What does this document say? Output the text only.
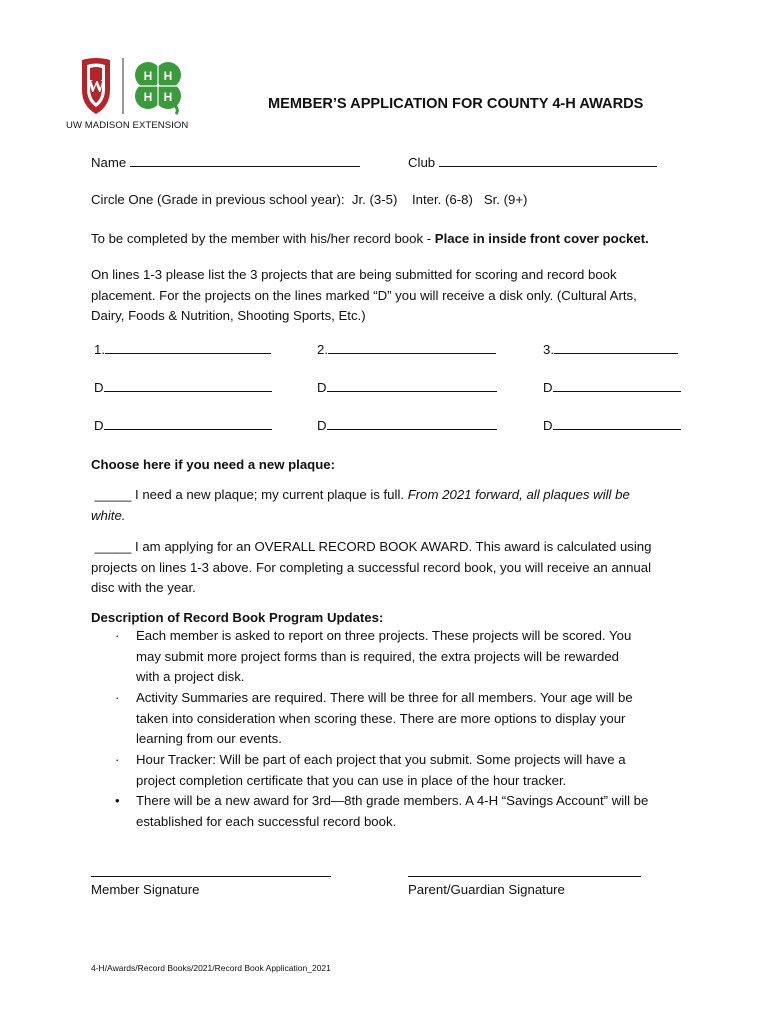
W	H H
H H
UW MADISON EXTENSION
MEMBER’S APPLICATION FOR COUNTY 4-H AWARDS
Name	Club
Circle One (Grade in previous school year):  Jr. (3-5)    Inter. (6-8)   Sr. (9+)
To be completed by the member with his/her record book - Place in inside front cover pocket.
On lines 1-3 please list the 3 projects that are being submitted for scoring and record book
placement. For the projects on the lines marked “D” you will receive a disk only. (Cultural Arts,
Dairy, Foods & Nutrition, Shooting Sports, Etc.)
1.	2.	3.
D	D	D
D	D	D
Choose here if you need a new plaque:
_____ I need a new plaque; my current plaque is full. From 2021 forward, all plaques will be
white.
_____ I am applying for an OVERALL RECORD BOOK AWARD. This award is calculated using
projects on lines 1-3 above. For completing a successful record book, you will receive an annual
disc with the year.
Description of Record Book Program Updates:
· Each member is asked to report on three projects. These projects will be scored. You
may submit more project forms than is required, the extra projects will be rewarded
with a project disk.
· Activity Summaries are required. There will be three for all members. Your age will be
taken into consideration when scoring these. There are more options to display your
learning from our events.
· Hour Tracker: Will be part of each project that you submit. Some projects will have a
project completion certificate that you can use in place of the hour tracker.
• There will be a new award for 3rd—8th grade members. A 4-H “Savings Account” will be
established for each successful record book.
Member Signature	Parent/Guardian Signature
4-H/Awards/Record Books/2021/Record Book Application_2021
